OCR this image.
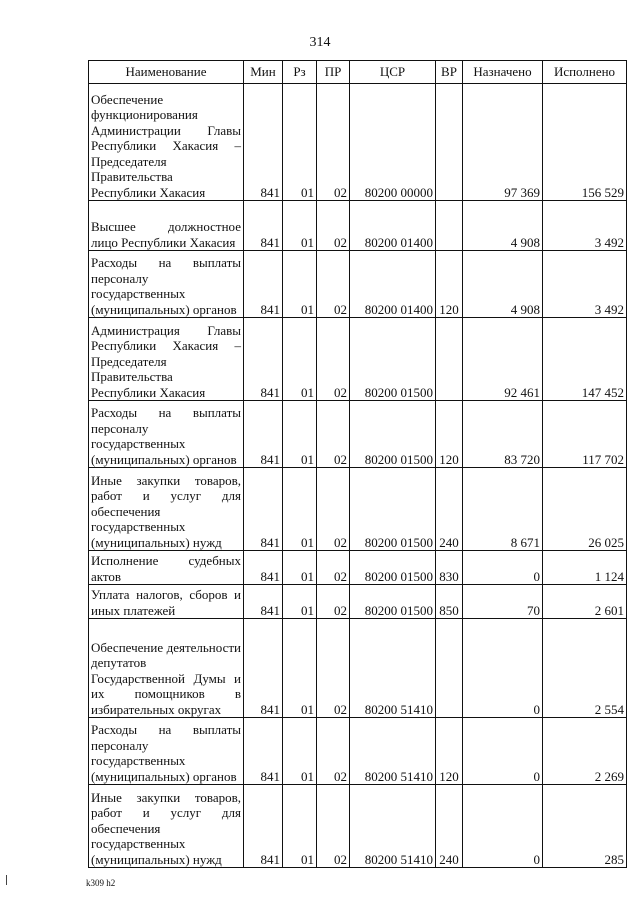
314
Наименование	Мин	Рз	ПР	ЦСР	ВР	Назначено	Исполнено
Обеспечение функционирования Администрации Главы Республики Хакасия – Председателя Правительства Республики Хакасия	841	01	02	80200 00000		97 369	156 529
Высшее должностное лицо Республики Хакасия	841	01	02	80200 01400		4 908	3 492
Расходы на выплаты персоналу государственных (муниципальных) органов	841	01	02	80200 01400	120	4 908	3 492
Администрация Главы Республики Хакасия – Председателя Правительства Республики Хакасия	841	01	02	80200 01500		92 461	147 452
Расходы на выплаты персоналу государственных (муниципальных) органов	841	01	02	80200 01500	120	83 720	117 702
Иные закупки товаров, работ и услуг для обеспечения государственных (муниципальных) нужд	841	01	02	80200 01500	240	8 671	26 025
Исполнение судебных актов	841	01	02	80200 01500	830	0	1 124
Уплата налогов, сборов и иных платежей	841	01	02	80200 01500	850	70	2 601
Обеспечение деятельности депутатов Государственной Думы и их помощников в избирательных округах	841	01	02	80200 51410		0	2 554
Расходы на выплаты персоналу государственных (муниципальных) органов	841	01	02	80200 51410	120	0	2 269
Иные закупки товаров, работ и услуг для обеспечения государственных (муниципальных) нужд	841	01	02	80200 51410	240	0	285
k309 h2
